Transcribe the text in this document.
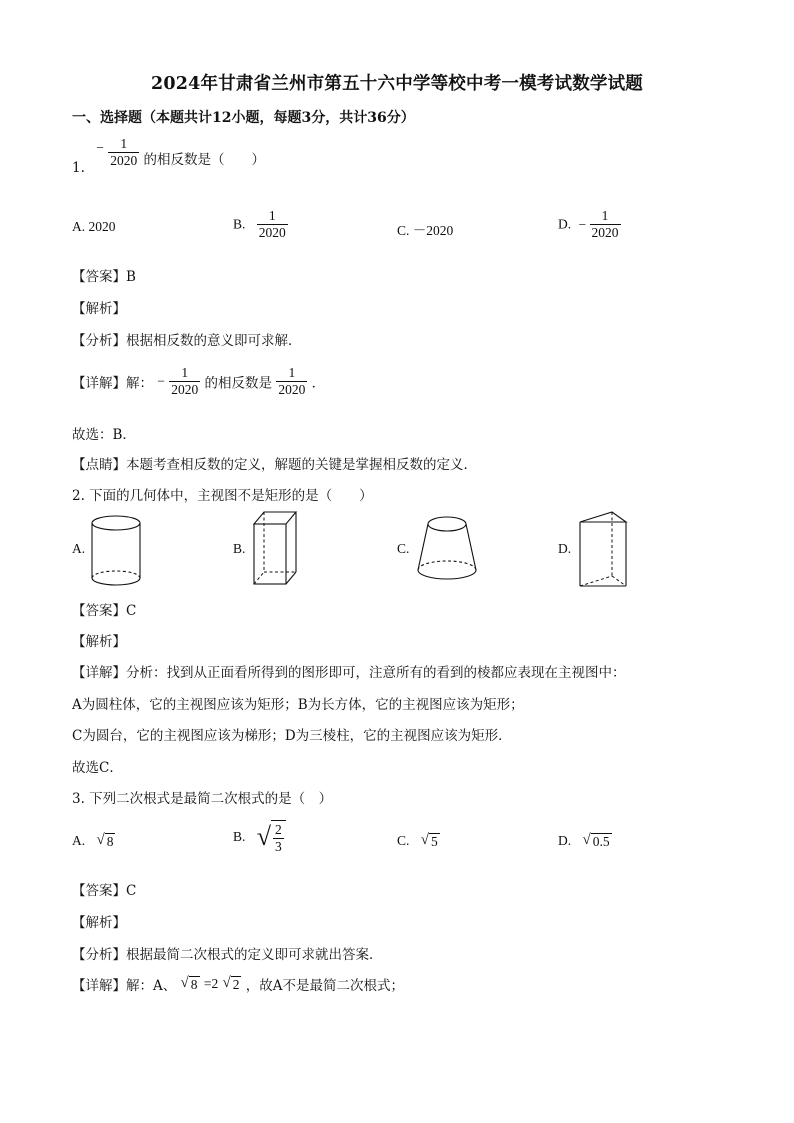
2024年甘肃省兰州市第五十六中学等校中考一模考试数学试题
一、选择题（本题共计12小题，每题3分，共计36分）
1. − $\frac{1}{2020}$ 的相反数是（　　）
A. 2020	B. $\frac{1}{2020}$	C. －2020	D. − $\frac{1}{2020}$
【答案】B
【解析】
【分析】根据相反数的意义即可求解．
【详解】解： − $\frac{1}{2020}$ 的相反数是 $\frac{1}{2020}$ ．
故选：B．
【点睛】本题考查相反数的定义，解题的关键是掌握相反数的定义．
2. 下面的几何体中，主视图不是矩形的是（　　）
A.	B.	C.	D.
【答案】C
【解析】
【详解】分析：找到从正面看所得到的图形即可，注意所有的看到的棱都应表现在主视图中：
A为圆柱体，它的主视图应该为矩形；B为长方体，它的主视图应该为矩形；
C为圆台，它的主视图应该为梯形；D为三棱柱，它的主视图应该为矩形．
故选C．
3. 下列二次根式是最简二次根式的是（　）
A. √ 8	B. √ $\frac{2}{3}$	C. √ 5	D. √ 0.5
【答案】C
【解析】
【分析】根据最简二次根式的定义即可求就出答案．
【详解】解：A、 √ 8 =2 √ 2 ，故A不是最简二次根式；
